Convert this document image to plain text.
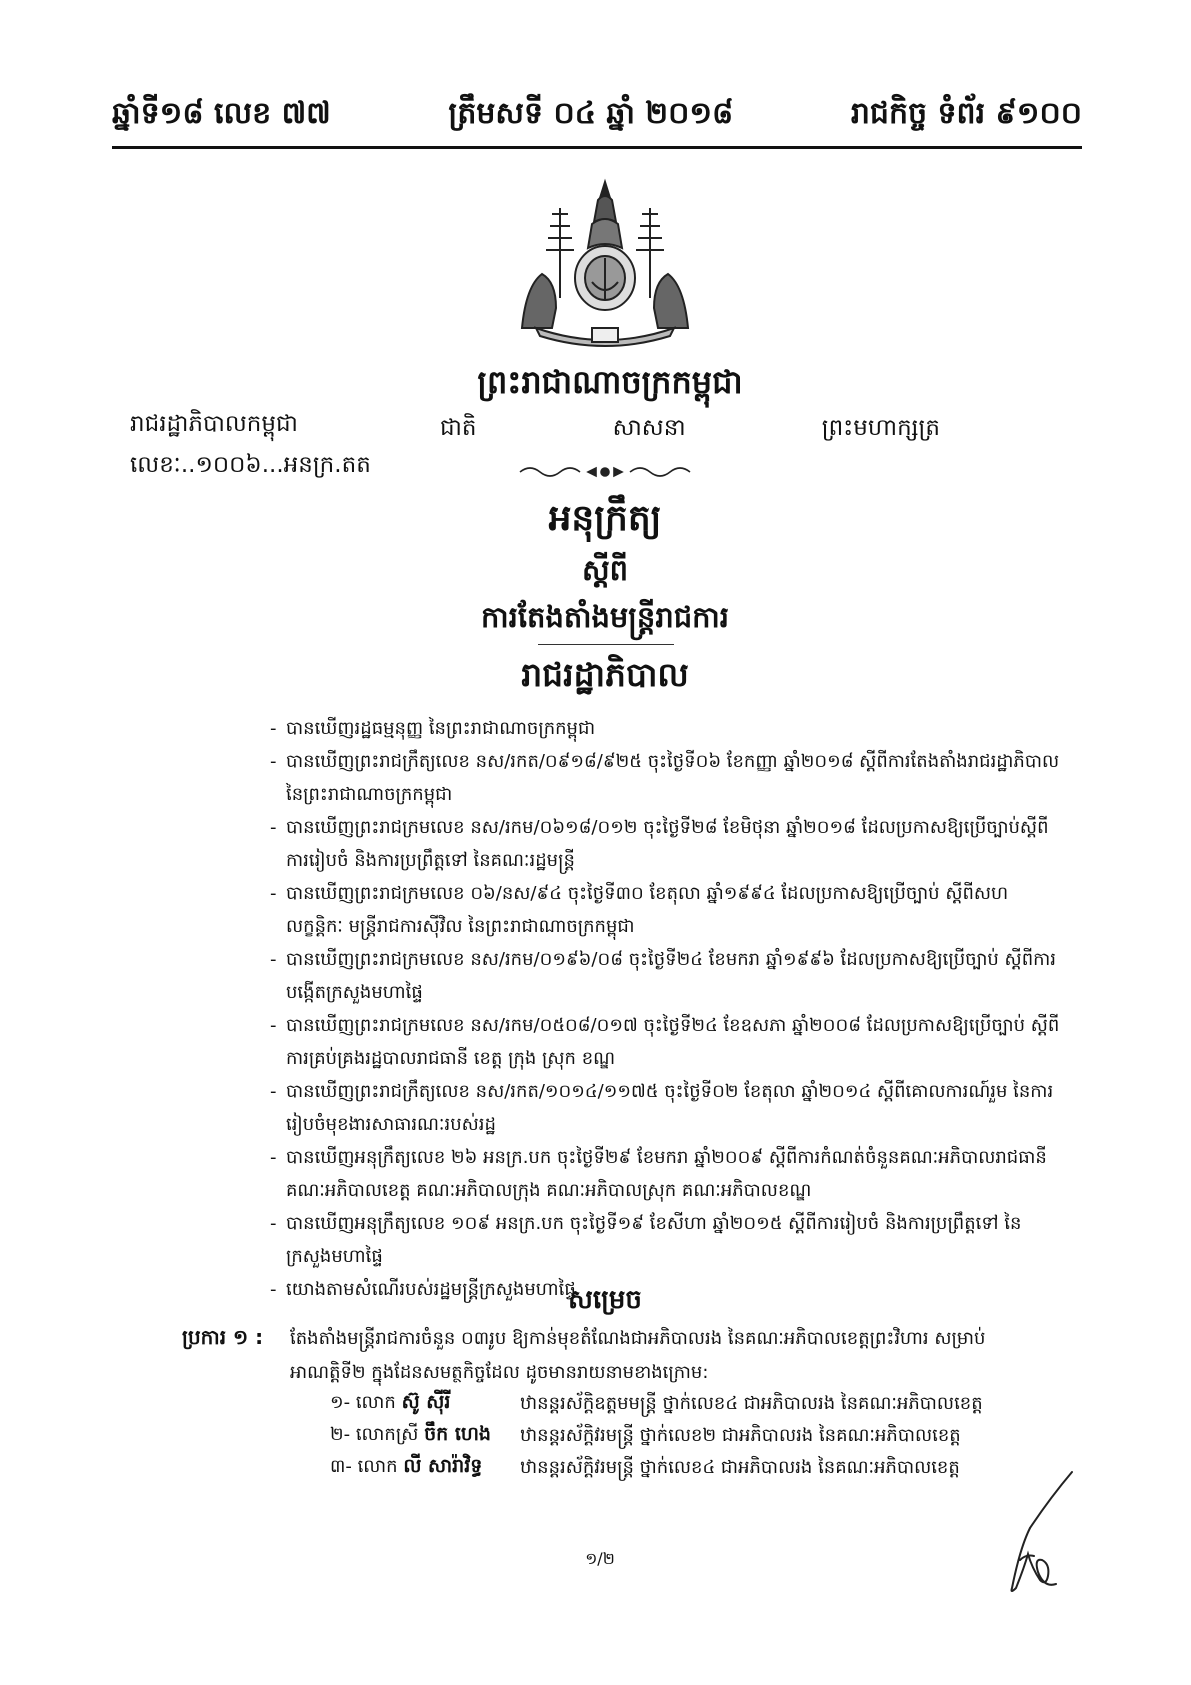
ឆ្នាំទី១៨ លេខ ៧៧	ត្រឹមសទី ០៤ ឆ្នាំ ២០១៨	រាជកិច្ច ទំព័រ ៩១០០
ព្រះរាជាណាចក្រកម្ពុជា
ជាតិ	សាសនា	ព្រះមហាក្សត្រ
រាជរដ្ឋាភិបាលកម្ពុជា
លេខៈ..១០០៦...អនក្រ.តត
អនុក្រឹត្យ
ស្តីពី
ការតែងតាំងមន្ត្រីរាជការ
រាជរដ្ឋាភិបាល
- បានឃើញរដ្ឋធម្មនុញ្ញ នៃព្រះរាជាណាចក្រកម្ពុជា
- បានឃើញព្រះរាជក្រឹត្យលេខ នស/រកត/០៩១៨/៩២៥ ចុះថ្ងៃទី០៦ ខែកញ្ញា ឆ្នាំ២០១៨ ស្តីពីការតែងតាំងរាជរដ្ឋាភិបាល នៃព្រះរាជាណាចក្រកម្ពុជា
- បានឃើញព្រះរាជក្រមលេខ នស/រកម/០៦១៨/០១២ ចុះថ្ងៃទី២៨ ខែមិថុនា ឆ្នាំ២០១៨ ដែលប្រកាសឱ្យប្រើច្បាប់ស្តីពី ការរៀបចំ និងការប្រព្រឹត្តទៅ នៃគណៈរដ្ឋមន្ត្រី
- បានឃើញព្រះរាជក្រមលេខ ០៦/នស/៩៤ ចុះថ្ងៃទី៣០ ខែតុលា ឆ្នាំ១៩៩៤ ដែលប្រកាសឱ្យប្រើច្បាប់ ស្តីពីសហលក្ខន្តិកៈ មន្ត្រីរាជការស៊ីវិល នៃព្រះរាជាណាចក្រកម្ពុជា
- បានឃើញព្រះរាជក្រមលេខ នស/រកម/០១៩៦/០៨ ចុះថ្ងៃទី២៤ ខែមករា ឆ្នាំ១៩៩៦ ដែលប្រកាសឱ្យប្រើច្បាប់ ស្តីពីការបង្កើតក្រសួងមហាផ្ទៃ
- បានឃើញព្រះរាជក្រមលេខ នស/រកម/០៥០៨/០១៧ ចុះថ្ងៃទី២៤ ខែឧសភា ឆ្នាំ២០០៨ ដែលប្រកាសឱ្យប្រើច្បាប់ ស្តីពីការគ្រប់គ្រងរដ្ឋបាលរាជធានី ខេត្ត ក្រុង ស្រុក ខណ្ឌ
- បានឃើញព្រះរាជក្រឹត្យលេខ នស/រកត/១០១៤/១១៧៥ ចុះថ្ងៃទី០២ ខែតុលា ឆ្នាំ២០១៤ ស្តីពីគោលការណ៍រួម នៃការ រៀបចំមុខងារសាធារណៈរបស់រដ្ឋ
- បានឃើញអនុក្រឹត្យលេខ ២៦ អនក្រ.បក ចុះថ្ងៃទី២៩ ខែមករា ឆ្នាំ២០០៩ ស្តីពីការកំណត់ចំនួនគណៈអភិបាលរាជធានី គណៈអភិបាលខេត្ត គណៈអភិបាលក្រុង គណៈអភិបាលស្រុក គណៈអភិបាលខណ្ឌ
- បានឃើញអនុក្រឹត្យលេខ ១០៩ អនក្រ.បក ចុះថ្ងៃទី១៩ ខែសីហា ឆ្នាំ២០១៥ ស្តីពីការរៀបចំ និងការប្រព្រឹត្តទៅ នៃ ក្រសួងមហាផ្ទៃ
- យោងតាមសំណើរបស់រដ្ឋមន្ត្រីក្រសួងមហាផ្ទៃ
សម្រេច
ប្រការ ១ :	តែងតាំងមន្ត្រីរាជការចំនួន ០៣រូប ឱ្យកាន់មុខតំណែងជាអភិបាលរង នៃគណៈអភិបាលខេត្តព្រះវិហារ សម្រាប់ អាណត្តិទី២ ក្នុងដែនសមត្ថកិច្ចដែល ដូចមានរាយនាមខាងក្រោម:
១- លោក ស៊ូ ស៊ីរី	ឋានន្តរស័ក្តិឧត្តមមន្ត្រី ថ្នាក់លេខ៤ ជាអភិបាលរង នៃគណៈអភិបាលខេត្ត
២- លោកស្រី ចឹក ហេង	ឋានន្តរស័ក្តិវរមន្ត្រី ថ្នាក់លេខ២ ជាអភិបាលរង នៃគណៈអភិបាលខេត្ត
៣- លោក លី សារ៉ាវិទ្ធ	ឋានន្តរស័ក្តិវរមន្ត្រី ថ្នាក់លេខ៤ ជាអភិបាលរង នៃគណៈអភិបាលខេត្ត
១/២
